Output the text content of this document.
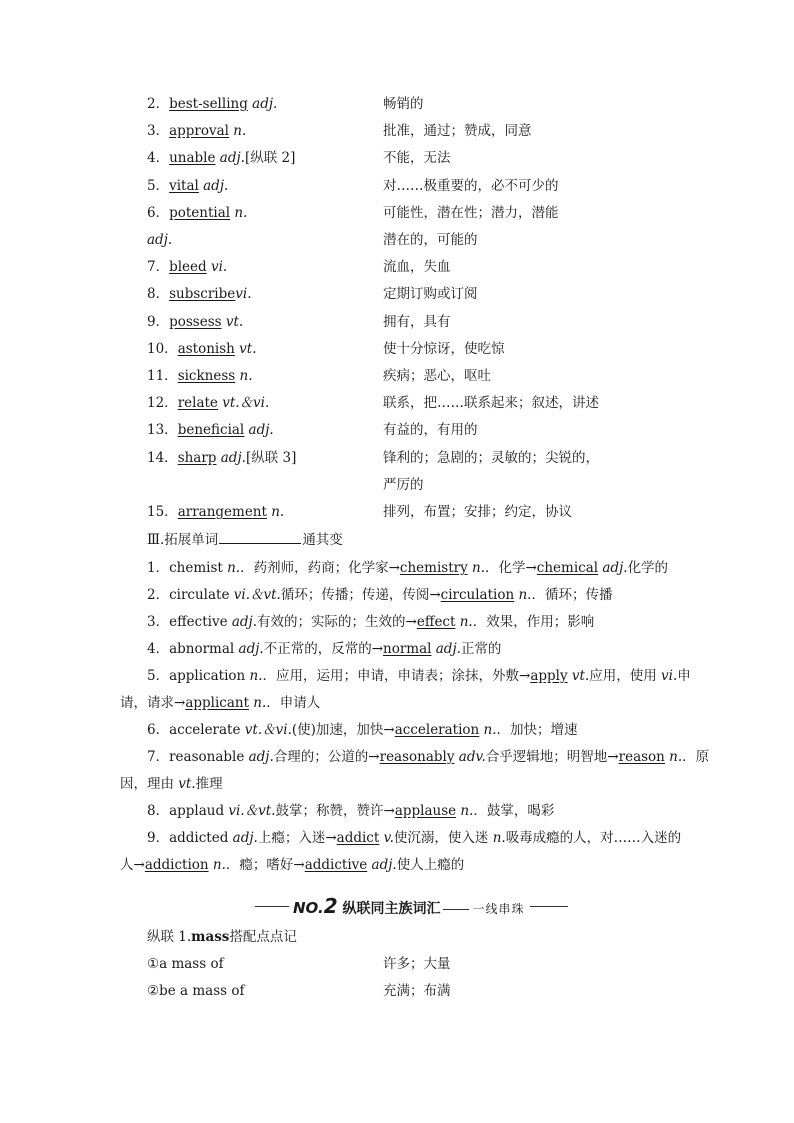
2．best-selling adj.	畅销的
3．approval n.	批准，通过；赞成，同意
4．unable adj.[纵联 2]	不能，无法
5．vital adj.	对……极重要的，必不可少的
6．potential n.	可能性，潜在性；潜力，潜能
adj.	潜在的，可能的
7．bleed vi.	流血，失血
8．subscribevi.	定期订购或订阅
9．possess vt.	拥有，具有
10．astonish vt.	使十分惊讶，使吃惊
11．sickness n.	疾病；恶心，呕吐
12．relate vt.＆vi.	联系，把……联系起来；叙述，讲述
13．beneficial adj.	有益的，有用的
14．sharp adj.[纵联 3]	锋利的；急剧的；灵敏的；尖锐的，
严厉的
15．arrangement n.	排列，布置；安排；约定，协议
Ⅲ.拓展单词	通其变
1．chemist n.．药剂师，药商；化学家→chemistry n.．化学→chemical adj.化学的
2．circulate vi.＆vt.循环；传播；传递，传阅→circulation n.．循环；传播
3．effective adj.有效的；实际的；生效的→effect n.．效果，作用；影响
4．abnormal adj.不正常的，反常的→normal adj.正常的
5．application n.．应用，运用；申请，申请表；涂抹，外敷→apply vt.应用，使用 vi.申
请，请求→applicant n.．申请人
6．accelerate vt.＆vi.(使)加速，加快→acceleration n.．加快；增速
7．reasonable adj.合理的；公道的→reasonably adv.合乎逻辑地；明智地→reason n.．原
因，理由 vt.推理
8．applaud vi.＆vt.鼓掌；称赞，赞许→applause n.．鼓掌，喝彩
9．addicted adj.上瘾；入迷→addict v.使沉溺，使入迷 n.吸毒成瘾的人，对……入迷的
人→addiction n.．瘾；嗜好→addictive adj.使人上瘾的
NO.2 纵联同主族词汇	一线串珠
纵联 1.mass搭配点点记
①a mass of	许多；大量
②be a mass of	充满；布满
